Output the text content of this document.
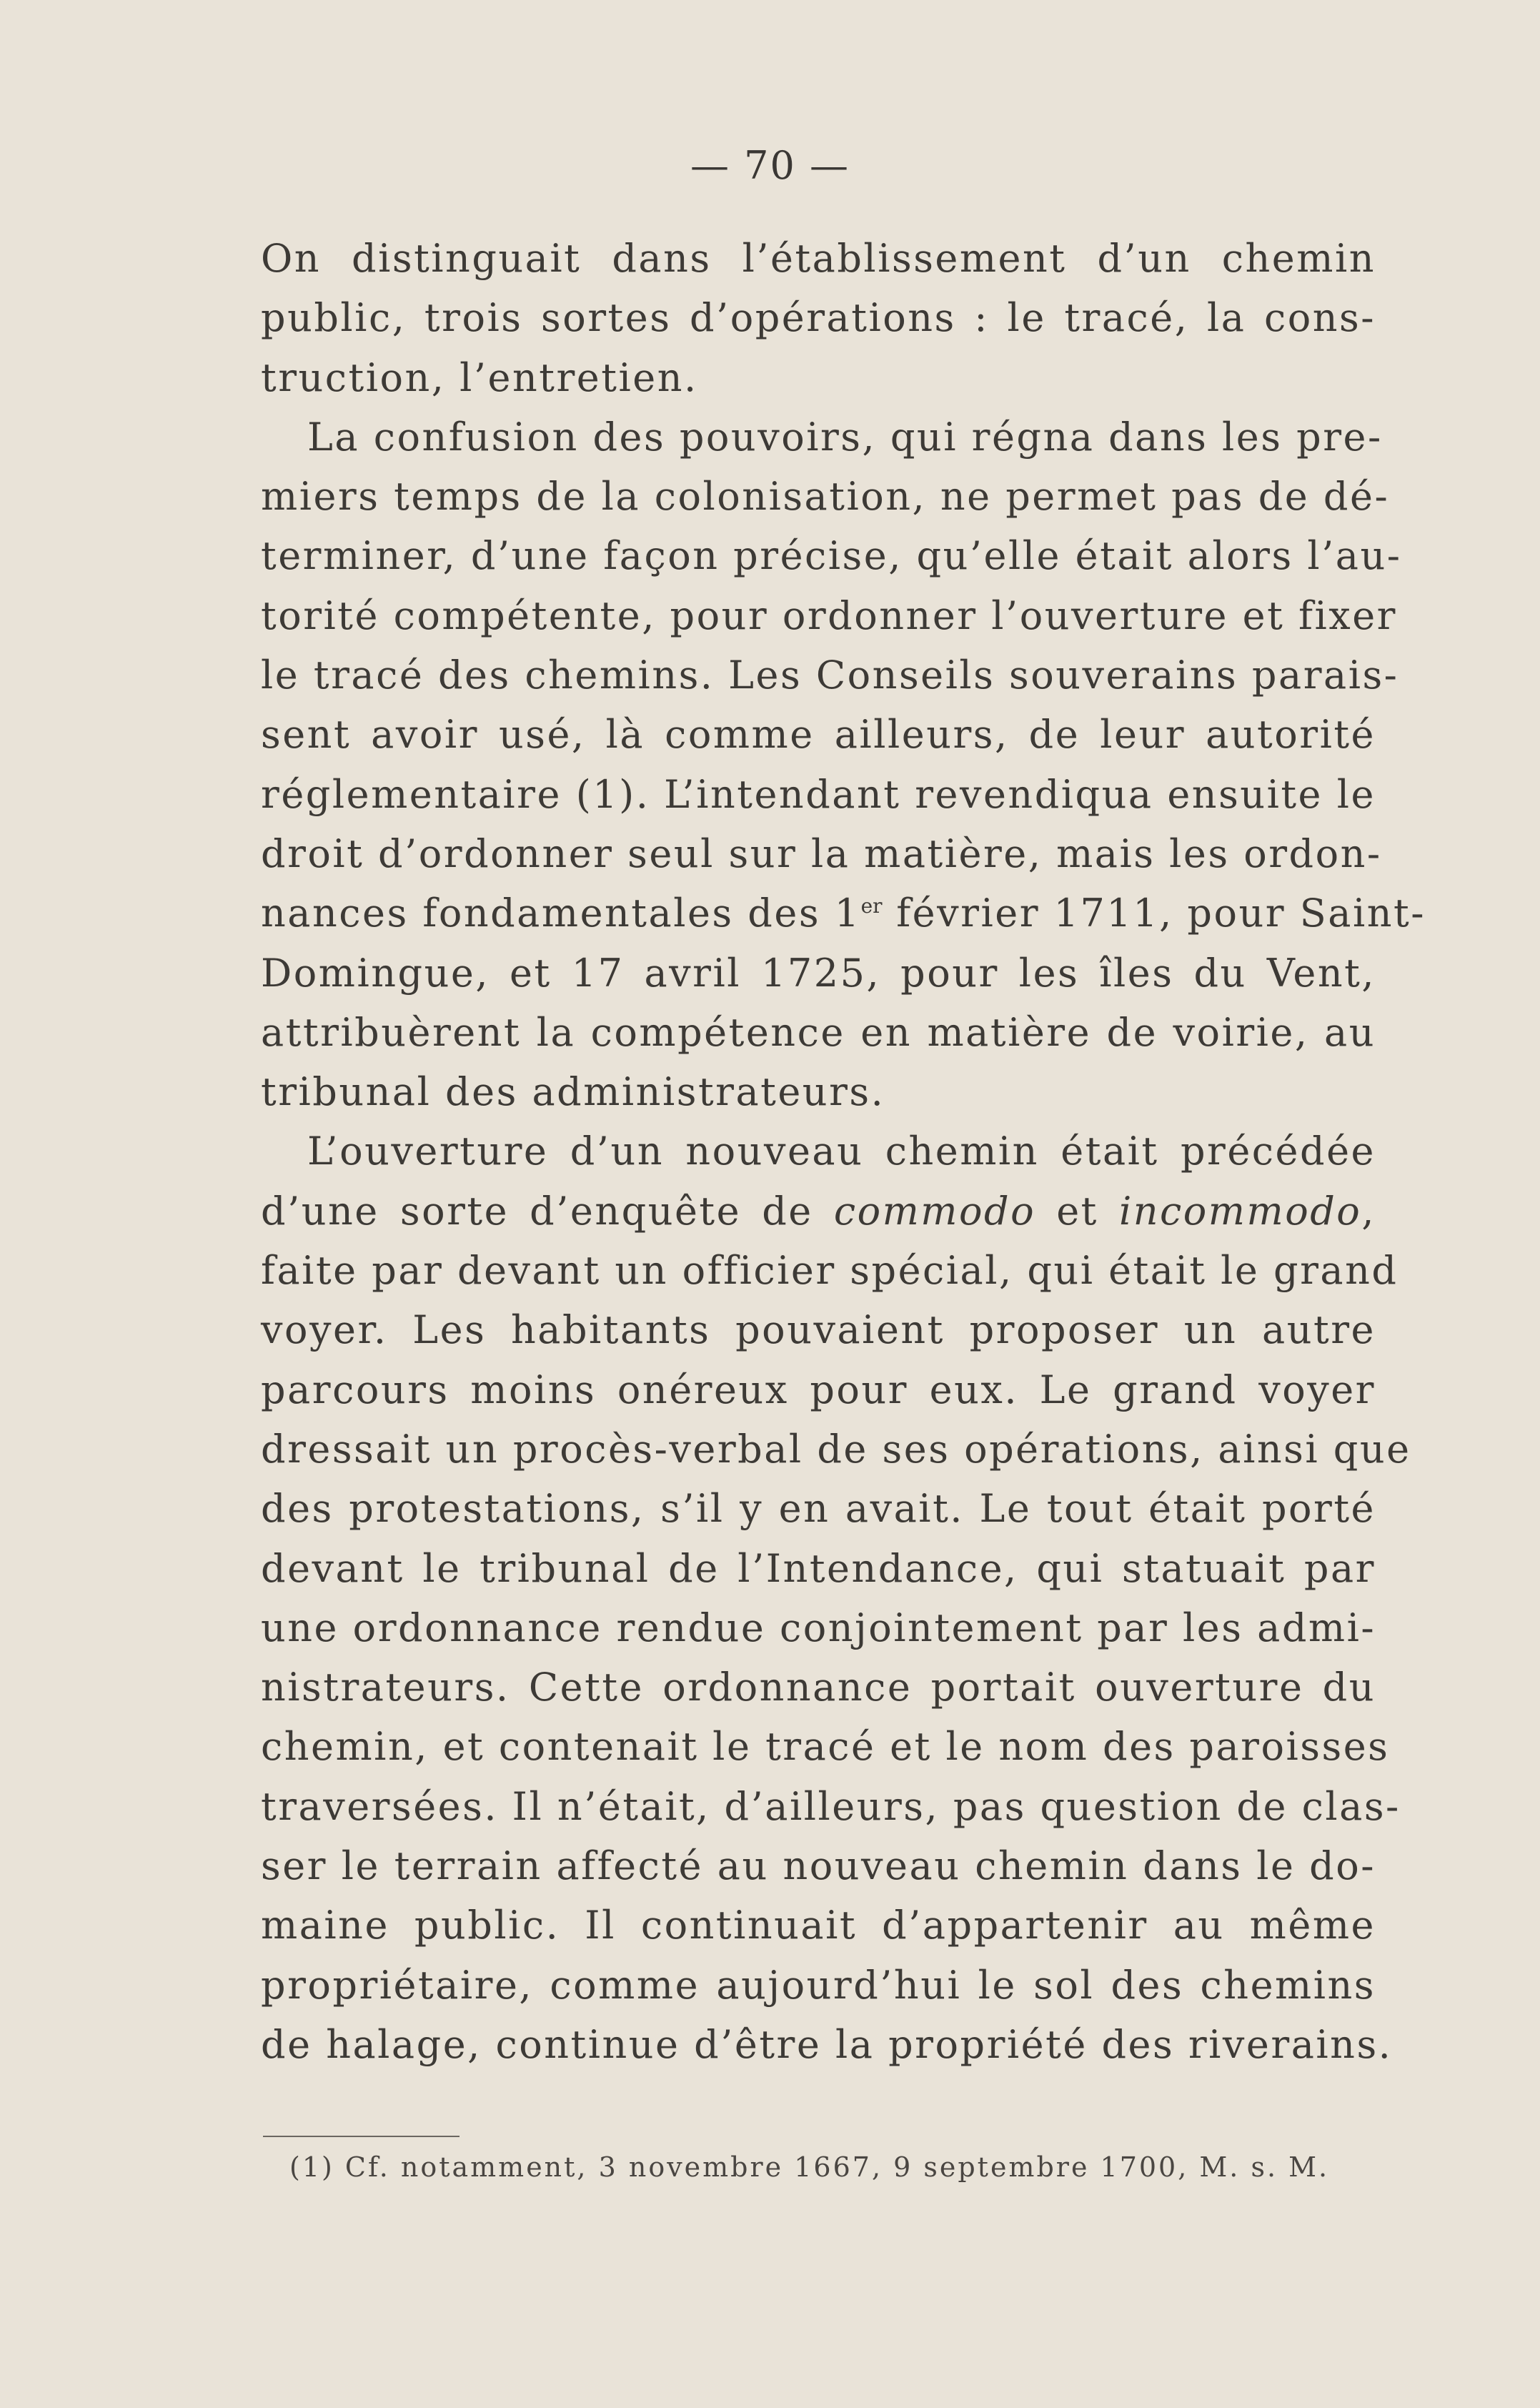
— 70 —
On distinguait dans l’établissement d’un chemin
public, trois sortes d’opérations : le tracé, la cons-
truction, l’entretien.
La confusion des pouvoirs, qui régna dans les pre-
miers temps de la colonisation, ne permet pas de dé-
terminer, d’une façon précise, qu’elle était alors l’au-
torité compétente, pour ordonner l’ouverture et fixer
le tracé des chemins. Les Conseils souverains parais-
sent avoir usé, là comme ailleurs, de leur autorité
réglementaire (1). L’intendant revendiqua ensuite le
droit d’ordonner seul sur la matière, mais les ordon-
nances fondamentales des 1er février 1711, pour Saint-
Domingue, et 17 avril 1725, pour les îles du Vent,
attribuèrent la compétence en matière de voirie, au
tribunal des administrateurs.
L’ouverture d’un nouveau chemin était précédée
d’une sorte d’enquête de commodo et incommodo,
faite par devant un officier spécial, qui était le grand
voyer. Les habitants pouvaient proposer un autre
parcours moins onéreux pour eux. Le grand voyer
dressait un procès-verbal de ses opérations, ainsi que
des protestations, s’il y en avait. Le tout était porté
devant le tribunal de l’Intendance, qui statuait par
une ordonnance rendue conjointement par les admi-
nistrateurs. Cette ordonnance portait ouverture du
chemin, et contenait le tracé et le nom des paroisses
traversées. Il n’était, d’ailleurs, pas question de clas-
ser le terrain affecté au nouveau chemin dans le do-
maine public. Il continuait d’appartenir au même
propriétaire, comme aujourd’hui le sol des chemins
de halage, continue d’être la propriété des riverains.
(1) Cf. notamment, 3 novembre 1667, 9 septembre 1700, M. s. M.
